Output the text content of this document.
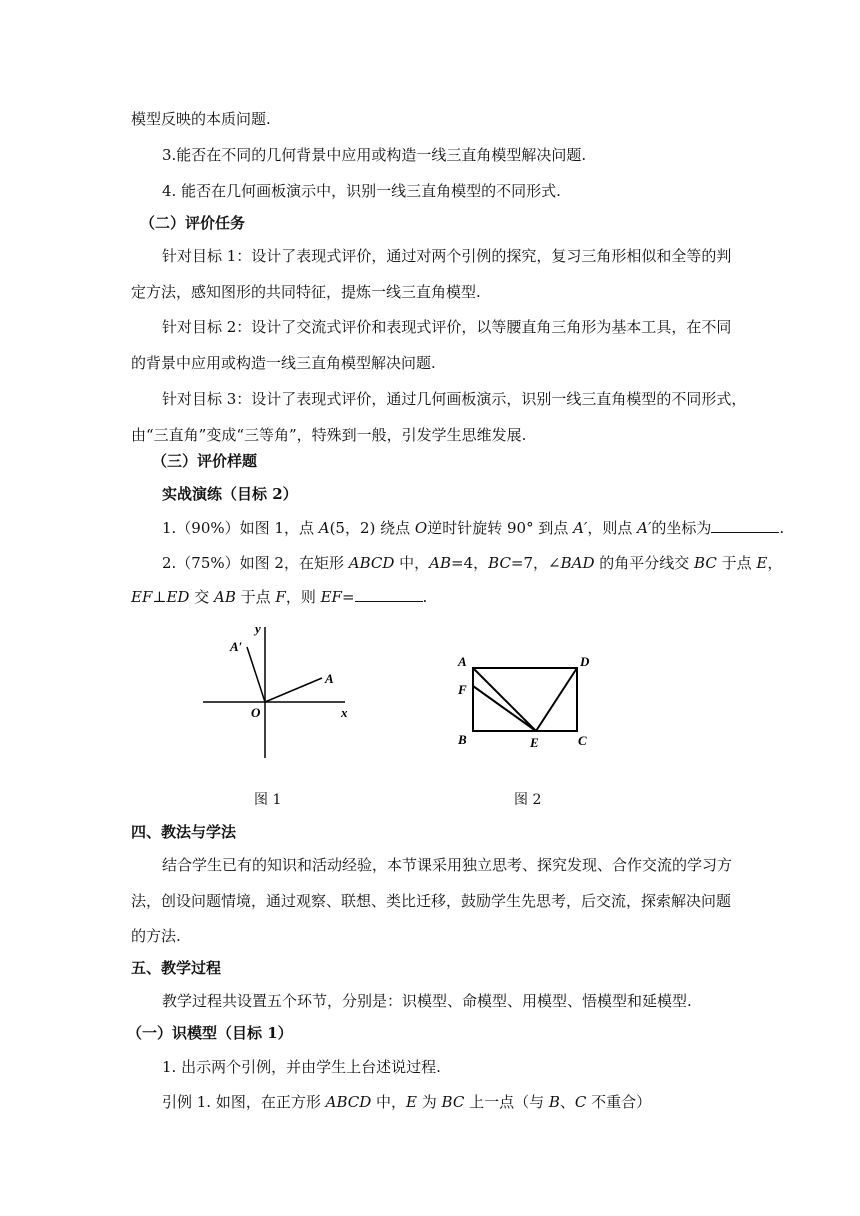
模型反映的本质问题.
3.能否在不同的几何背景中应用或构造一线三直角模型解决问题.
4. 能否在几何画板演示中，识别一线三直角模型的不同形式.
（二）评价任务
针对目标 1：设计了表现式评价，通过对两个引例的探究，复习三角形相似和全等的判
定方法，感知图形的共同特征，提炼一线三直角模型.
针对目标 2：设计了交流式评价和表现式评价，以等腰直角三角形为基本工具，在不同
的背景中应用或构造一线三直角模型解决问题.
针对目标 3：设计了表现式评价，通过几何画板演示，识别一线三直角模型的不同形式，
由“三直角”变成“三等角”，特殊到一般，引发学生思维发展.
（三）评价样题
实战演练（目标 2）
1.（90%）如图 1，点 A(5，2) 绕点 O逆时针旋转 90° 到点 A′，则点 A′的坐标为	.
2.（75%）如图 2，在矩形 ABCD 中，AB=4，BC=7，∠BAD 的角平分线交 BC 于点 E，
EF⊥ED 交 AB 于点 F，则 EF=	.
y
x
O
A
A′
图 1
A	D
F
B	E	C
图 2
四、教法与学法
结合学生已有的知识和活动经验，本节课采用独立思考、探究发现、合作交流的学习方
法，创设问题情境，通过观察、联想、类比迁移，鼓励学生先思考，后交流，探索解决问题
的方法.
五、教学过程
教学过程共设置五个环节，分别是：识模型、命模型、用模型、悟模型和延模型.
（一）识模型（目标 1）
1. 出示两个引例，并由学生上台述说过程.
引例 1. 如图，在正方形 ABCD 中，E 为 BC 上一点（与 B、C 不重合）
